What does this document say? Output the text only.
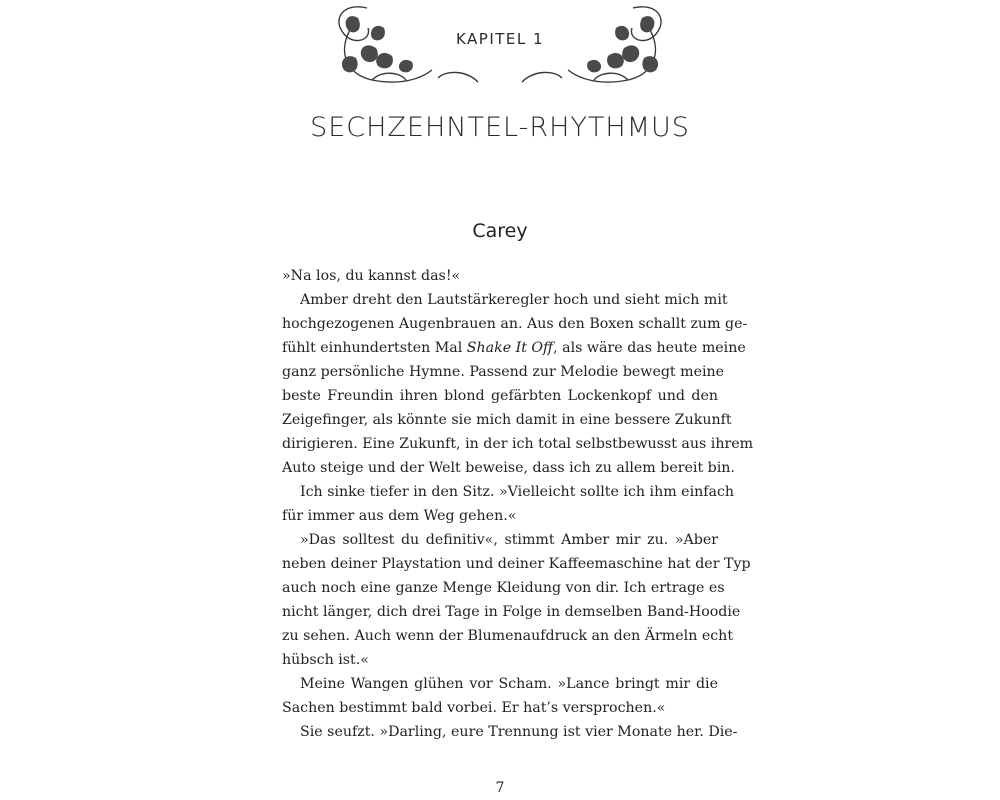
KAPITEL 1
SECHZEHNTEL-RHYTHMUS
Carey
»Na los, du kannst das!«
Amber dreht den Lautstärkeregler hoch und sieht mich mit
hochgezogenen Augenbrauen an. Aus den Boxen schallt zum ge-
fühlt einhundertsten Mal Shake It Off, als wäre das heute meine
ganz persönliche Hymne. Passend zur Melodie bewegt meine
beste Freundin ihren blond gefärbten Lockenkopf und den
Zeigefinger, als könnte sie mich damit in eine bessere Zukunft
dirigieren. Eine Zukunft, in der ich total selbstbewusst aus ihrem
Auto steige und der Welt beweise, dass ich zu allem bereit bin.
Ich sinke tiefer in den Sitz. »Vielleicht sollte ich ihm einfach
für immer aus dem Weg gehen.«
»Das solltest du definitiv«, stimmt Amber mir zu. »Aber
neben deiner Playstation und deiner Kaffeemaschine hat der Typ
auch noch eine ganze Menge Kleidung von dir. Ich ertrage es
nicht länger, dich drei Tage in Folge in demselben Band-Hoodie
zu sehen. Auch wenn der Blumenaufdruck an den Ärmeln echt
hübsch ist.«
Meine Wangen glühen vor Scham. »Lance bringt mir die
Sachen bestimmt bald vorbei. Er hat’s versprochen.«
Sie seufzt. »Darling, eure Trennung ist vier Monate her. Die-
7
